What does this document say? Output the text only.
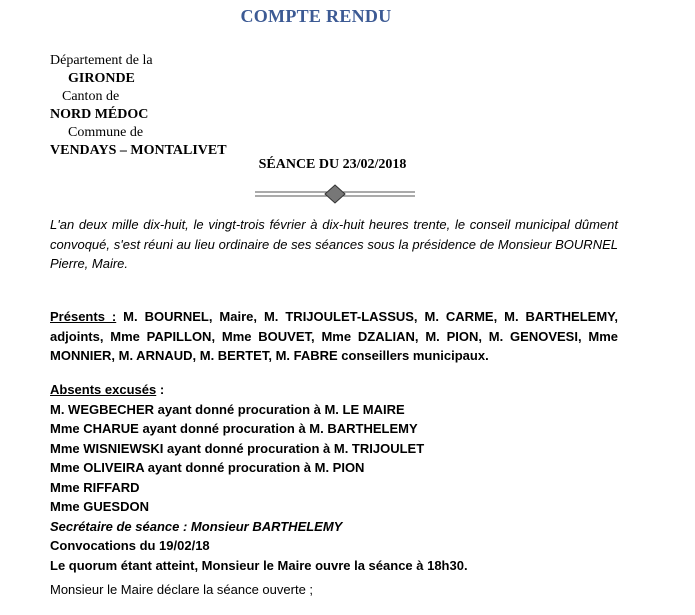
COMPTE RENDU
Département de la
GIRONDE
Canton de
NORD MÉDOC
Commune de
VENDAYS – MONTALIVET
SÉANCE DU 23/02/2018
L'an deux mille dix-huit, le vingt-trois février à dix-huit heures trente, le conseil municipal dûment convoqué, s'est réuni au lieu ordinaire de ses séances sous la présidence de Monsieur BOURNEL Pierre, Maire.
Présents : M. BOURNEL, Maire, M. TRIJOULET-LASSUS, M. CARME, M. BARTHELEMY, adjoints, Mme PAPILLON, Mme BOUVET, Mme DZALIAN, M. PION, M. GENOVESI, Mme MONNIER, M. ARNAUD, M. BERTET, M. FABRE conseillers municipaux.
Absents excusés :
M. WEGBECHER ayant donné procuration à M. LE MAIRE
Mme CHARUE ayant donné procuration à M. BARTHELEMY
Mme WISNIEWSKI ayant donné procuration à M. TRIJOULET
Mme OLIVEIRA ayant donné procuration à M. PION
Mme RIFFARD
Mme GUESDON
Secrétaire de séance : Monsieur BARTHELEMY
Convocations du 19/02/18
Le quorum étant atteint, Monsieur le Maire ouvre la séance à 18h30.
Monsieur le Maire déclare la séance ouverte ;
